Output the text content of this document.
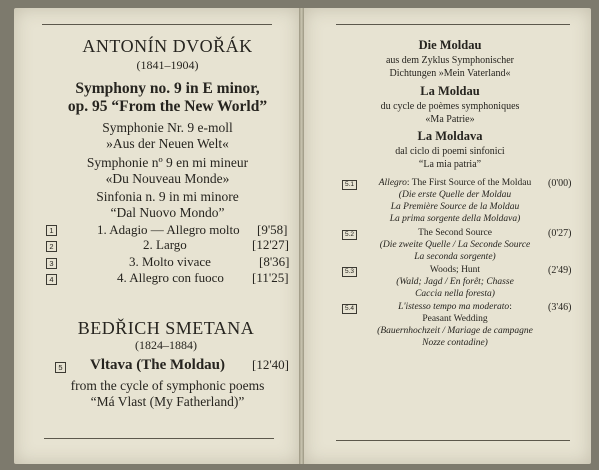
ANTONÍN DVOŘÁK
(1841–1904)
Symphony no. 9 in E minor,
op. 95 “From the New World”
Symphonie Nr. 9 e-moll
»Aus der Neuen Welt«
Symphonie nº 9 en mi mineur
«Du Nouveau Monde»
Sinfonia n. 9 in mi minore
“Dal Nuovo Mondo”
1	1. Adagio — Allegro molto [9'58]
2	2. Largo	[12'27]
3	3. Molto vivace	[8'36]
4	4. Allegro con fuoco [11'25]
BEDŘICH SMETANA
(1824–1884)
5	Vltava (The Moldau)	[12'40]
from the cycle of symphonic poems
“Má Vlast (My Fatherland)”
Die Moldau
aus dem Zyklus Symphonischer
Dichtungen »Mein Vaterland«
La Moldau
du cycle de poèmes symphoniques
«Ma Patrie»
La Moldava
dal ciclo di poemi sinfonici
“La mia patria”
5.1	Allegro: The First Source of the Moldau
(Die erste Quelle der Moldau
La Première Source de la Moldau
La prima sorgente della Moldava)
(0'00)
5.2	The Second Source
(Die zweite Quelle / La Seconde Source
La seconda sorgente)
(0'27)
5.3	Woods; Hunt
(Wald; Jagd / En forêt; Chasse
Caccia nella foresta)
(2'49)
5.4	L'istesso tempo ma moderato:
Peasant Wedding
(Bauernhochzeit / Mariage de campagne
Nozze contadine)
(3'46)
